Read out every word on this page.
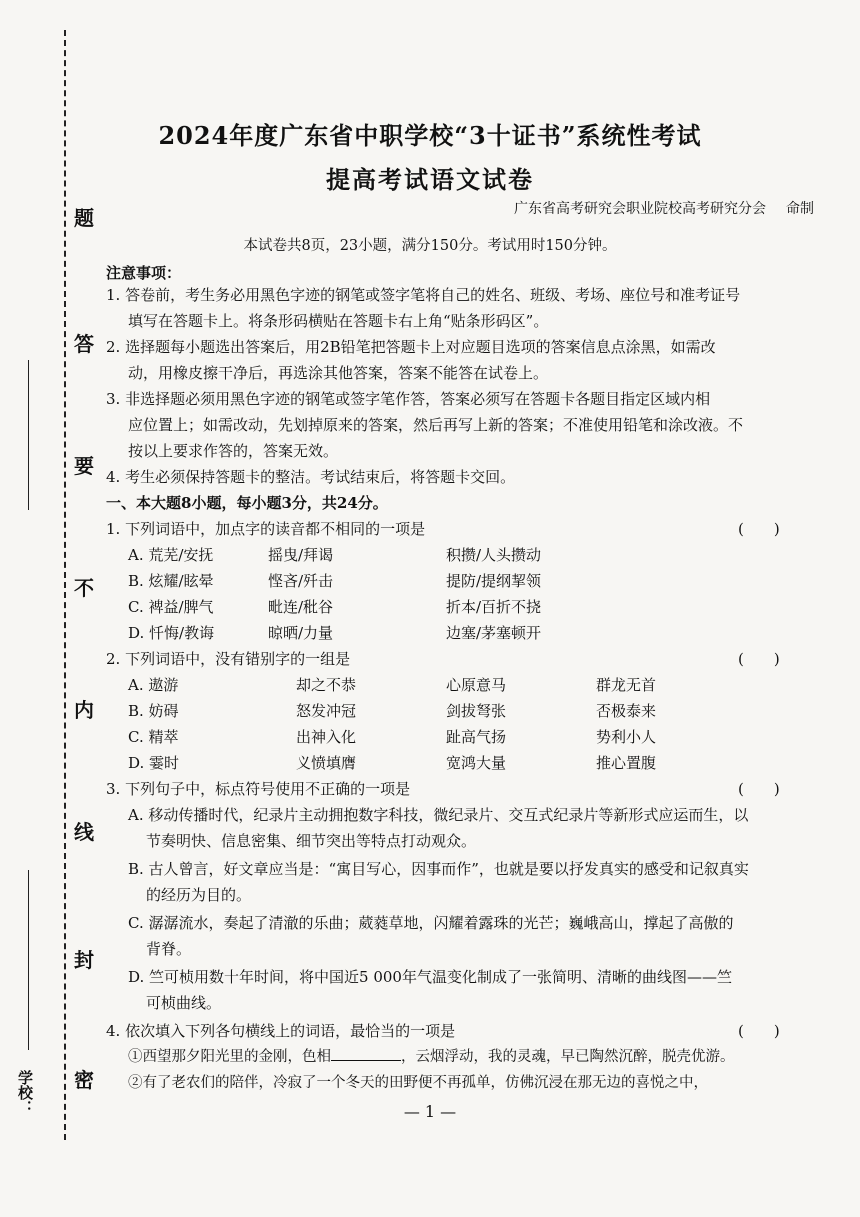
题
答
要
不
内
线
封
密
学校：
2024年度广东省中职学校“3十证书”系统性考试
提高考试语文试卷
广东省高考研究会职业院校高考研究分会 命制
本试卷共8页，23小题，满分150分。考试用时150分钟。
注意事项：
1. 答卷前，考生务必用黑色字迹的钢笔或签字笔将自己的姓名、班级、考场、座位号和准考证号
填写在答题卡上。将条形码横贴在答题卡右上角“贴条形码区”。
2. 选择题每小题选出答案后，用2B铅笔把答题卡上对应题目选项的答案信息点涂黑，如需改
动，用橡皮擦干净后，再选涂其他答案，答案不能答在试卷上。
3. 非选择题必须用黑色字迹的钢笔或签字笔作答，答案必须写在答题卡各题目指定区域内相
应位置上；如需改动，先划掉原来的答案，然后再写上新的答案；不准使用铅笔和涂改液。不
按以上要求作答的，答案无效。
4. 考生必须保持答题卡的整洁。考试结束后，将答题卡交回。
一、本大题8小题，每小题3分，共24分。
1. 下列词语中，加点字的读音都不相同的一项是	(　　)
A. 荒芜/安抚	摇曳/拜谒	积攒/人头攒动
B. 炫耀/眩晕	悭吝/歼击	提防/提纲挈领
C. 裨益/脾气	毗连/秕谷	折本/百折不挠
D. 忏悔/教诲	晾晒/力量	边塞/茅塞顿开
2. 下列词语中，没有错别字的一组是	(　　)
A. 遨游	却之不恭	心原意马	群龙无首
B. 妨碍	怒发冲冠	剑拔弩张	否极泰来
C. 精萃	出神入化	趾高气扬	势利小人
D. 霎时	义愤填膺	宽鸿大量	推心置腹
3. 下列句子中，标点符号使用不正确的一项是	(　　)
A. 移动传播时代，纪录片主动拥抱数字科技，微纪录片、交互式纪录片等新形式应运而生，以
节奏明快、信息密集、细节突出等特点打动观众。
B. 古人曾言，好文章应当是：“寓目写心，因事而作”，也就是要以抒发真实的感受和记叙真实
的经历为目的。
C. 潺潺流水，奏起了清澈的乐曲；葳蕤草地，闪耀着露珠的光芒；巍峨高山，撑起了高傲的
背脊。
D. 竺可桢用数十年时间，将中国近5 000年气温变化制成了一张简明、清晰的曲线图——竺
可桢曲线。
4. 依次填入下列各句横线上的词语，最恰当的一项是	(　　)
①西望那夕阳光里的金刚，色相	，云烟浮动，我的灵魂，早已陶然沉醉，脱壳优游。
②有了老农们的陪伴，冷寂了一个冬天的田野便不再孤单，仿佛沉浸在那无边的喜悦之中，
— 1 —
